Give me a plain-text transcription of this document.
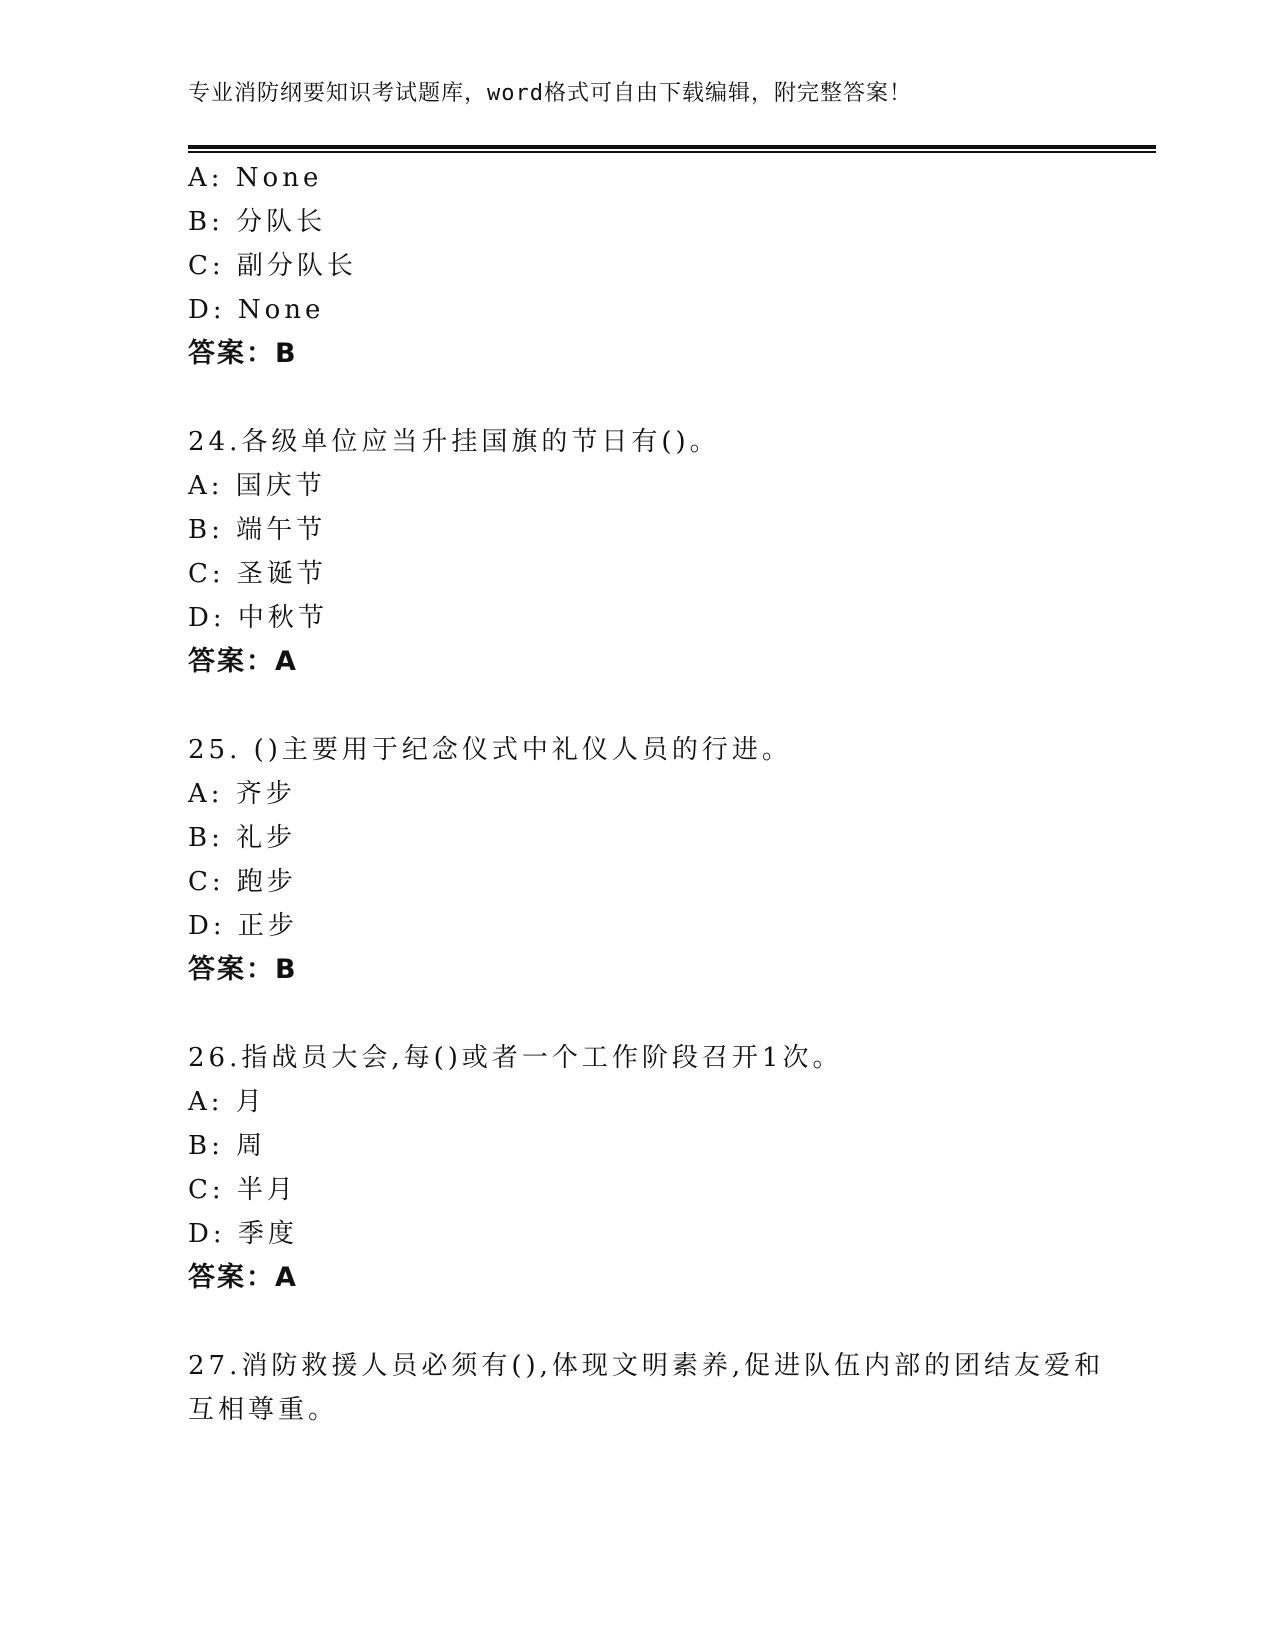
专业消防纲要知识考试题库，word格式可自由下载编辑，附完整答案！
A: None
B: 分队长
C: 副分队长
D: None
答案：B
24.各级单位应当升挂国旗的节日有()。
A: 国庆节
B: 端午节
C: 圣诞节
D: 中秋节
答案：A
25. ()主要用于纪念仪式中礼仪人员的行进。
A: 齐步
B: 礼步
C: 跑步
D: 正步
答案：B
26.指战员大会,每()或者一个工作阶段召开1次。
A: 月
B: 周
C: 半月
D: 季度
答案：A
27.消防救援人员必须有(),体现文明素养,促进队伍内部的团结友爱和
互相尊重。
